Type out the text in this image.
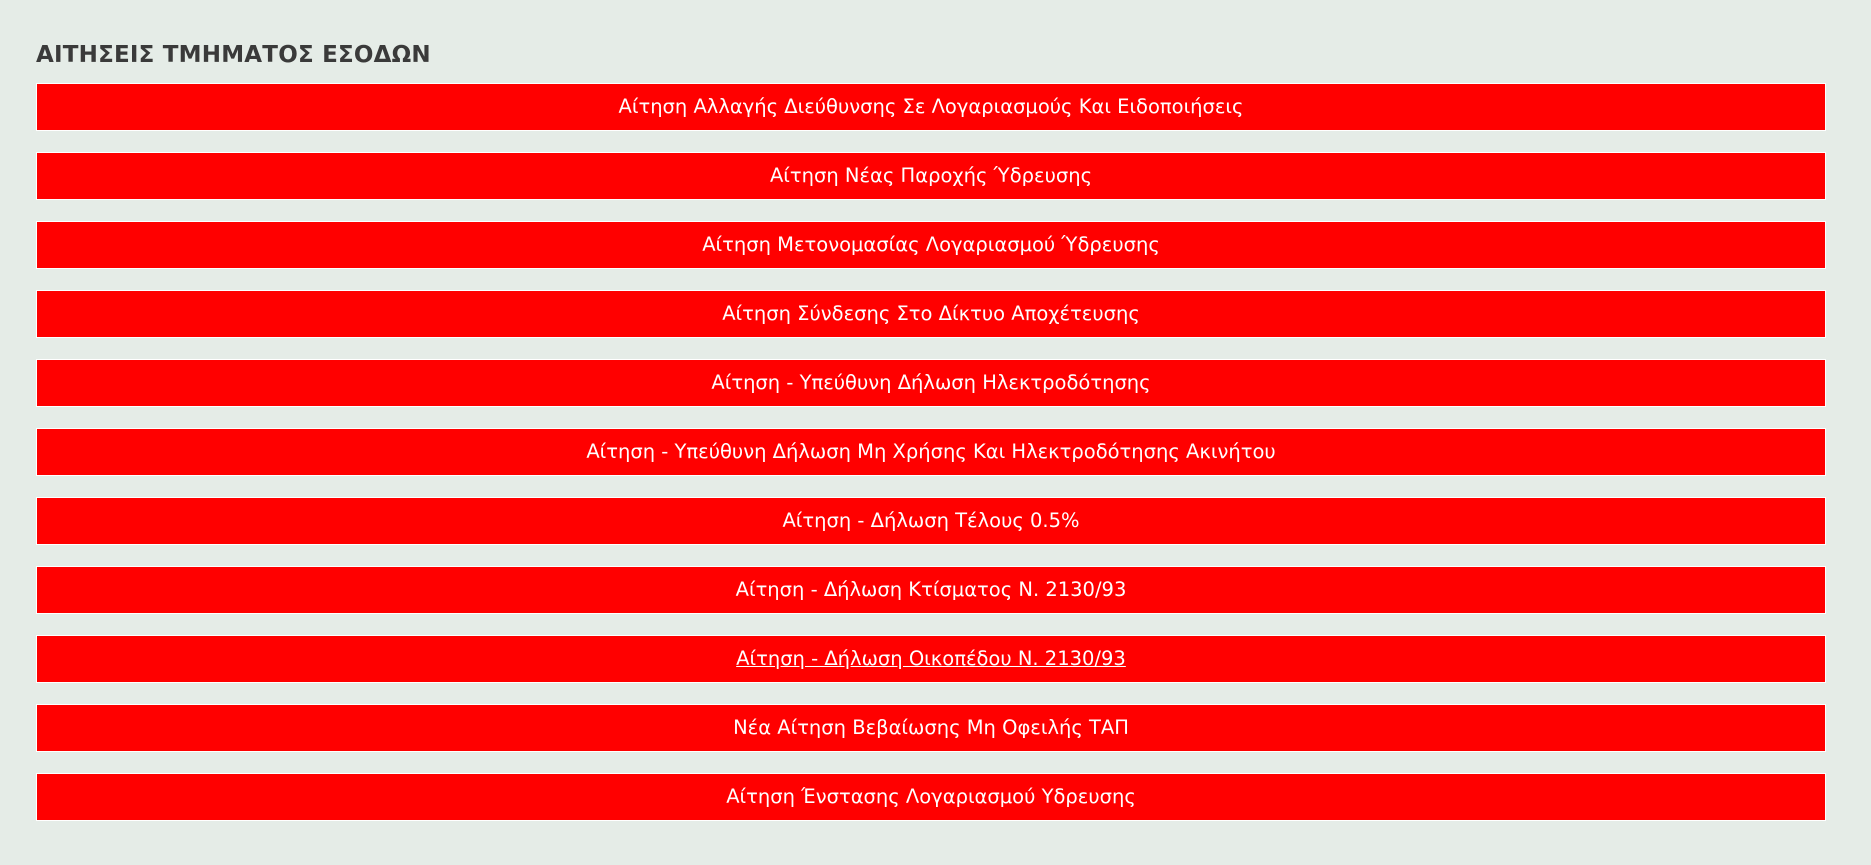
ΑΙΤΗΣΕΙΣ ΤΜΗΜΑΤΟΣ ΕΣΟΔΩΝ
Αίτηση Αλλαγής Διεύθυνσης Σε Λογαριασμούς Και Ειδοποιήσεις
Αίτηση Νέας Παροχής Ύδρευσης
Αίτηση Μετονομασίας Λογαριασμού Ύδρευσης
Αίτηση Σύνδεσης Στο Δίκτυο Αποχέτευσης
Αίτηση - Υπεύθυνη Δήλωση Ηλεκτροδότησης
Αίτηση - Υπεύθυνη Δήλωση Μη Χρήσης Και Ηλεκτροδότησης Ακινήτου
Αίτηση - Δήλωση Τέλους 0.5%
Αίτηση - Δήλωση Κτίσματος Ν. 2130/93
Αίτηση - Δήλωση Οικοπέδου Ν. 2130/93
Νέα Αίτηση Βεβαίωσης Μη Οφειλής ΤΑΠ
Αίτηση Ένστασης Λογαριασμού Υδρευσης
